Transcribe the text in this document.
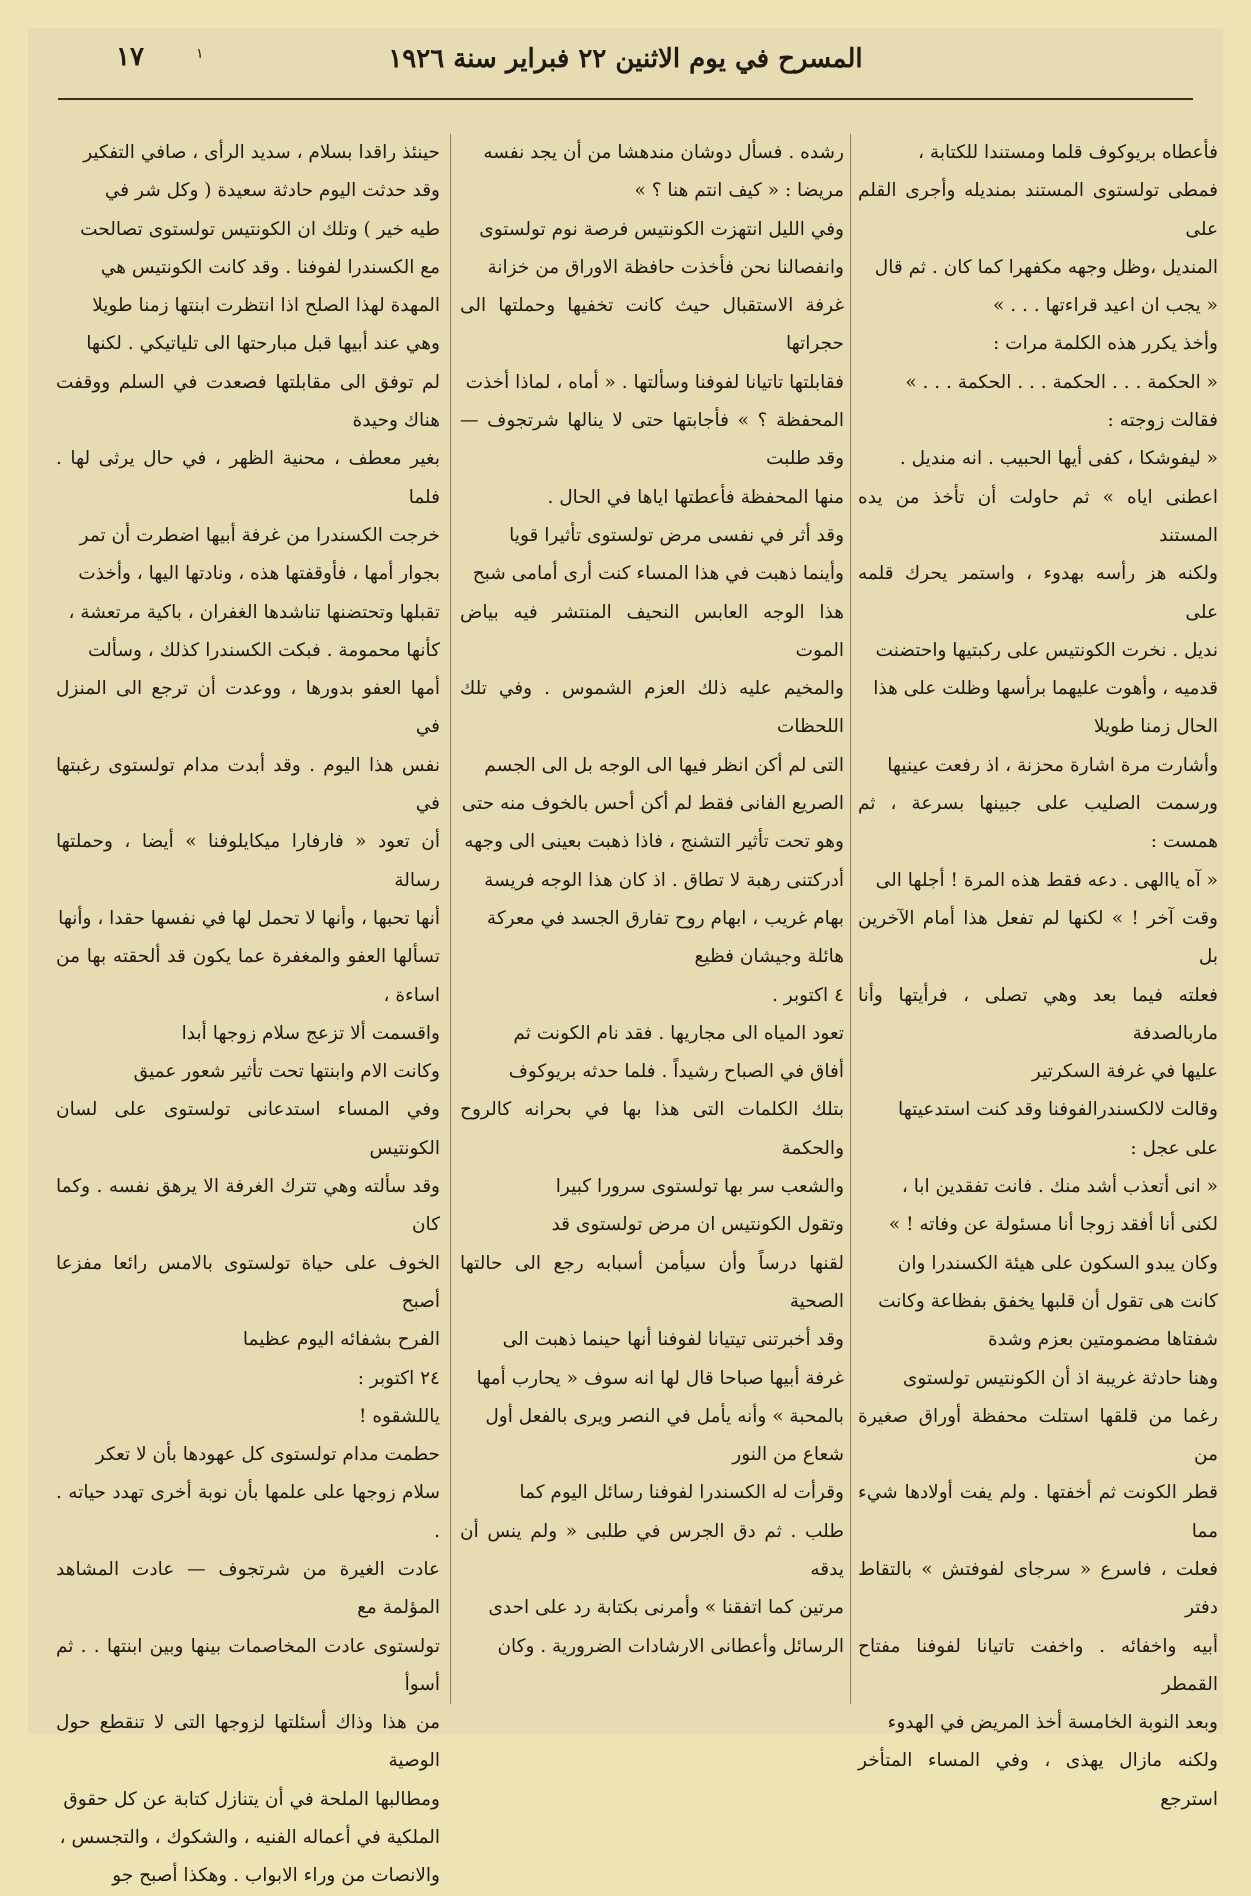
المسرح في يوم الاثنين ٢٢ فبراير سنة ١٩٢٦
١٧	١

فأعطاه بريوكوف قلما ومستندا للكتابة ،

فمطى تولستوى المستند بمنديله وأجرى القلم على

المنديل ،وظل وجهه مكفهرا كما كان . ثم قال

« يجب ان اعيد قراءتها . . . »

وأخذ يكرر هذه الكلمة مرات :

« الحكمة . . . الحكمة . . . الحكمة . . . »

فقالت زوجته :

« ليفوشكا ، كفى أيها الحبيب . انه منديل .

اعطنى اياه » ثم حاولت أن تأخذ من يده المستند

ولكنه هز رأسه بهدوء ، واستمر يحرك قلمه على

نديل . نخرت الكونتيس على ركبتيها واحتضنت

قدميه ، وأهوت عليهما برأسها وظلت على هذا

الحال زمنا طويلا

وأشارت مرة اشارة محزنة ، اذ رفعت عينيها

ورسمت الصليب على جبينها بسرعة ، ثم همست :

« آه ياالهى . دعه فقط هذه المرة ! أجلها الى

وقت آخر ! » لكنها لم تفعل هذا أمام الآخرين بل

فعلته فيما بعد وهي تصلى ، فرأيتها وأنا ماربالصدفة

عليها في غرفة السكرتير

وقالت لالكسندرالفوفنا وقد كنت استدعيتها

على عجل :

« انى أتعذب أشد منك . فانت تفقدين ابا ،

لكنى أنا أفقد زوجا أنا مسئولة عن وفاته ! »

وكان يبدو السكون على هيئة الكسندرا وان

كانت هى تقول أن قلبها يخفق بفظاعة وكانت

شفتاها مضمومتين بعزم وشدة

وهنا حادثة غريبة اذ أن الكونتيس تولستوى

رغما من قلقها استلت محفظة أوراق صغيرة من

قطر الكونت ثم أخفتها . ولم يفت أولادها شيء مما

فعلت ، فاسرع « سرجاى لفوفتش » بالتقاط دفتر

أبيه واخفائه . واخفت تاتيانا لفوفنا مفتاح القمطر

وبعد النوبة الخامسة أخذ المريض في الهدوء

ولكنه مازال يهذى ، وفي المساء المتأخر استرجع

رشده . فسأل دوشان مندهشا من أن يجد نفسه

مريضا : « كيف انتم هنا ؟ »

وفي الليل انتهزت الكونتيس فرصة نوم تولستوى

وانفصالنا نحن فأخذت حافظة الاوراق من خزانة

غرفة الاستقبال حيث كانت تخفيها وحملتها الى حجراتها

فقابلتها تاتيانا لفوفنا وسألتها . « أماه ، لماذا أخذت

المحفظة ؟ » فأجابتها حتى لا ينالها شرتجوف — وقد طلبت

منها المحفظة فأعطتها اياها في الحال .

وقد أثر في نفسى مرض تولستوى تأثيرا قويا

وأينما ذهبت في هذا المساء كنت أرى أمامى شبح

هذا الوجه العابس النحيف المنتشر فيه بياض الموت

والمخيم عليه ذلك العزم الشموس . وفي تلك اللحظات

التى لم أكن انظر فيها الى الوجه بل الى الجسم

الصريع الفانى فقط لم أكن أحس بالخوف منه حتى

وهو تحت تأثير التشنج ، فاذا ذهبت بعينى الى وجهه

أدركتنى رهبة لا تطاق . اذ كان هذا الوجه فريسة

بهام غريب ، ابهام روح تفارق الجسد في معركة

هائلة وجيشان فظيع

٤ اكتوبر .

تعود المياه الى مجاريها . فقد نام الكونت ثم

أفاق في الصباح رشيداً . فلما حدثه بريوكوف

بتلك الكلمات التى هذا بها في بحرانه كالروح والحكمة

والشعب سر بها تولستوى سرورا كبيرا

وتقول الكونتيس ان مرض تولستوى قد

لقنها درساً وأن سيأمن أسبابه رجع الى حالتها الصحية

وقد أخبرتنى تيتيانا لفوفنا أنها حينما ذهبت الى

غرفة أبيها صباحا قال لها انه سوف « يحارب أمها

بالمحبة » وأنه يأمل في النصر ويرى بالفعل أول

شعاع من النور

وقرأت له الكسندرا لفوفنا رسائل اليوم كما

طلب . ثم دق الجرس في طلبى « ولم ينس أن يدقه

مرتين كما اتفقنا » وأمرنى بكتابة رد على احدى

الرسائل وأعطانى الارشادات الضرورية . وكان

حينئذ راقدا بسلام ، سديد الرأى ، صافي التفكير

وقد حدثت اليوم حادثة سعيدة ( وكل شر في

طيه خير ) وتلك ان الكونتيس تولستوى تصالحت

مع الكسندرا لفوفنا . وقد كانت الكونتيس هي

المهدة لهذا الصلح اذا انتظرت ابنتها زمنا طويلا

وهي عند أبيها قبل مبارحتها الى تلياتيكي . لكنها

لم توفق الى مقابلتها فصعدت في السلم ووقفت هناك وحيدة

بغير معطف ، محنية الظهر ، في حال يرثى لها . فلما

خرجت الكسندرا من غرفة أبيها اضطرت أن تمر

بجوار أمها ، فأوقفتها هذه ، ونادتها اليها ، وأخذت

تقبلها وتحتضنها تناشدها الغفران ، باكية مرتعشة ،

كأنها محمومة . فبكت الكسندرا كذلك ، وسألت

أمها العفو بدورها ، ووعدت أن ترجع الى المنزل في

نفس هذا اليوم . وقد أبدت مدام تولستوى رغبتها في

أن تعود « فارفارا ميكايلوفنا » أيضا ، وحملتها رسالة

أنها تحبها ، وأنها لا تحمل لها في نفسها حقدا ، وأنها

تسألها العفو والمغفرة عما يكون قد ألحقته بها من اساءة ،

واقسمت ألا تزعج سلام زوجها أبدا

وكانت الام وابنتها تحت تأثير شعور عميق

وفي المساء استدعانى تولستوى على لسان الكونتيس

وقد سألته وهي تترك الغرفة الا يرهق نفسه . وكما كان

الخوف على حياة تولستوى بالامس رائعا مفزعا أصبح

الفرح بشفائه اليوم عظيما

٢٤ اكتوبر :

ياللشقوه !

حطمت مدام تولستوى كل عهودها بأن لا تعكر

سلام زوجها على علمها بأن نوبة أخرى تهدد حياته . .

عادت الغيرة من شرتجوف — عادت المشاهد المؤلمة مع

تولستوى عادت المخاصمات بينها وبين ابنتها . . ثم أسوأ

من هذا وذاك أسئلتها لزوجها التى لا تنقطع حول الوصية

ومطالبها الملحة في أن يتنازل كتابة عن كل حقوق

الملكية في أعماله الفنيه ، والشكوك ، والتجسس ،

والانصات من وراء الابواب . وهكذا أصبح جو
